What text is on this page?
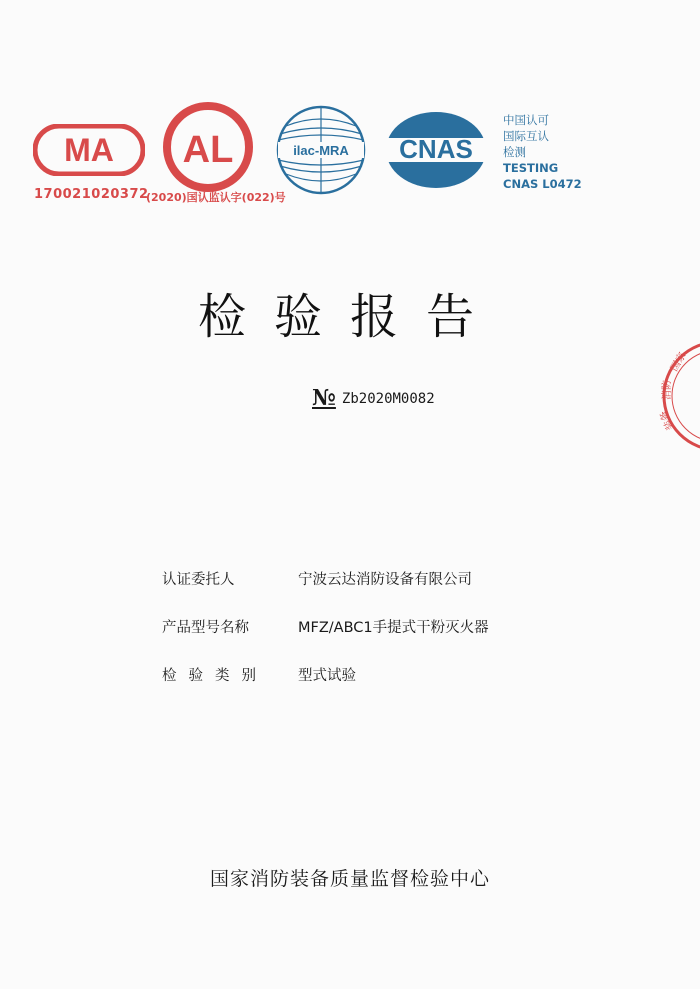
MA AL	ilac-MRA CNAS
170021020372
(2020)国认监认字(022)号
中国认可
国际互认
检测
TESTING
CNAS L0472
检验报告
№ Zb2020M0082
认证委托人	宁波云达消防设备有限公司
产品型号名称	MFZ/ABC1手提式干粉灭火器
检验类别	型式试验
国家消防装备质量监督检验中心
国家
消防
装备
